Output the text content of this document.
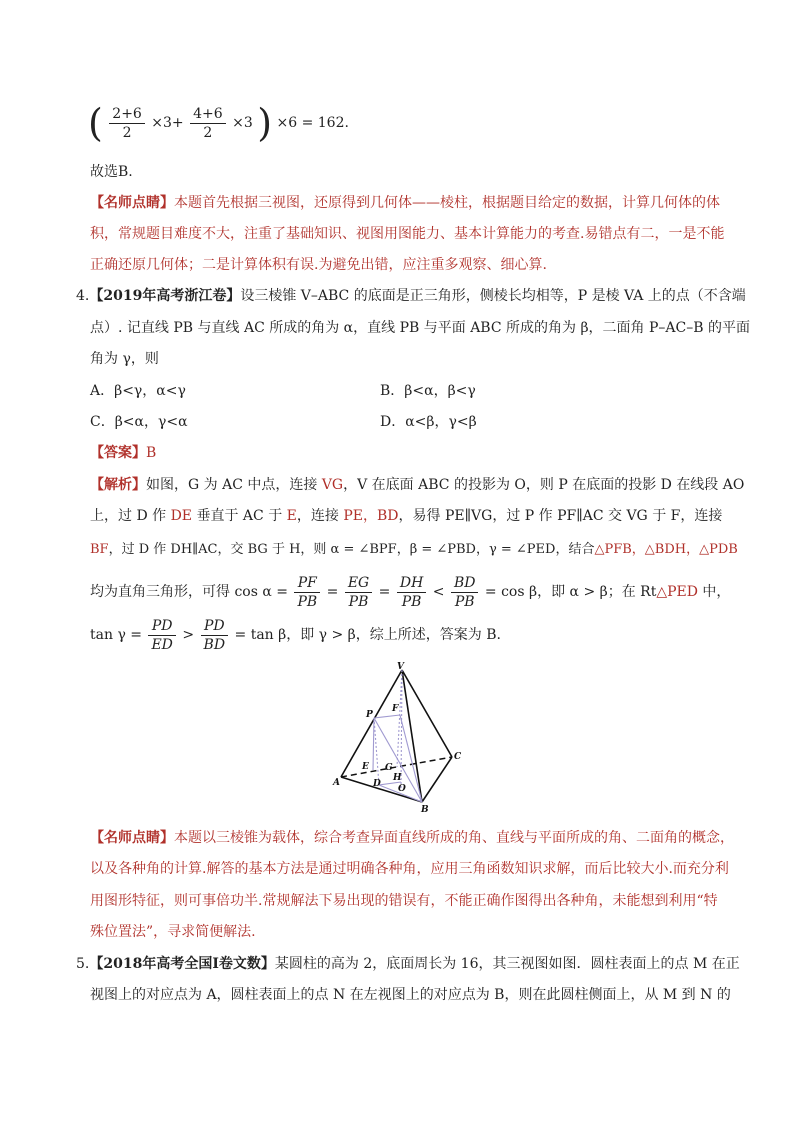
( $\frac{2+6}{2} \times 3+ \frac{4+6}{2} \times 3$ ) ×6 = 162.
故选B.
【名师点睛】本题首先根据三视图，还原得到几何体——棱柱，根据题目给定的数据，计算几何体的体
积，常规题目难度不大，注重了基础知识、视图用图能力、基本计算能力的考查.易错点有二，一是不能
正确还原几何体；二是计算体积有误.为避免出错，应注重多观察、细心算.
4.【2019年高考浙江卷】设三棱锥 V–ABC 的底面是正三角形，侧棱长均相等，P 是棱 VA 上的点（不含端
点）. 记直线 PB 与直线 AC 所成的角为 α，直线 PB 与平面 ABC 所成的角为 β，二面角 P–AC–B 的平面
角为 γ，则
A．β<γ，α<γ	B．β<α，β<γ
C．β<α，γ<α	D．α<β，γ<β
【答案】B
【解析】如图，G 为 AC 中点，连接 VG，V 在底面 ABC 的投影为 O，则 P 在底面的投影 D 在线段 AO
上，过 D 作 DE 垂直于 AC 于 E，连接 PE，BD，易得 PE∥VG，过 P 作 PF∥AC 交 VG 于 F，连接
BF，过 D 作 DH∥AC，交 BG 于 H，则 α = ∠BPF，β = ∠PBD，γ = ∠PED，结合△PFB，△BDH，△PDB
均为直角三角形，可得 $\cos \alpha = \frac{PF}{PB} = \frac{EG}{PB} = \frac{DH}{PB} < \frac{BD}{PB} = \cos \beta$，即 α > β；在 Rt△PED 中，
$\tan \gamma = \frac{PD}{ED} > \frac{PD}{BD} = \tan \beta$，即 γ > β，综上所述，答案为 B.
V
P
F
C
E G
H
D O
A
B
【名师点睛】本题以三棱锥为载体，综合考查异面直线所成的角、直线与平面所成的角、二面角的概念，
以及各种角的计算.解答的基本方法是通过明确各种角，应用三角函数知识求解，而后比较大小.而充分利
用图形特征，则可事倍功半.常规解法下易出现的错误有，不能正确作图得出各种角，未能想到利用“特
殊位置法”，寻求简便解法.
5.【2018年高考全国Ⅰ卷文数】某圆柱的高为 2，底面周长为 16，其三视图如图．圆柱表面上的点 M 在正
视图上的对应点为 A，圆柱表面上的点 N 在左视图上的对应点为 B，则在此圆柱侧面上，从 M 到 N 的
